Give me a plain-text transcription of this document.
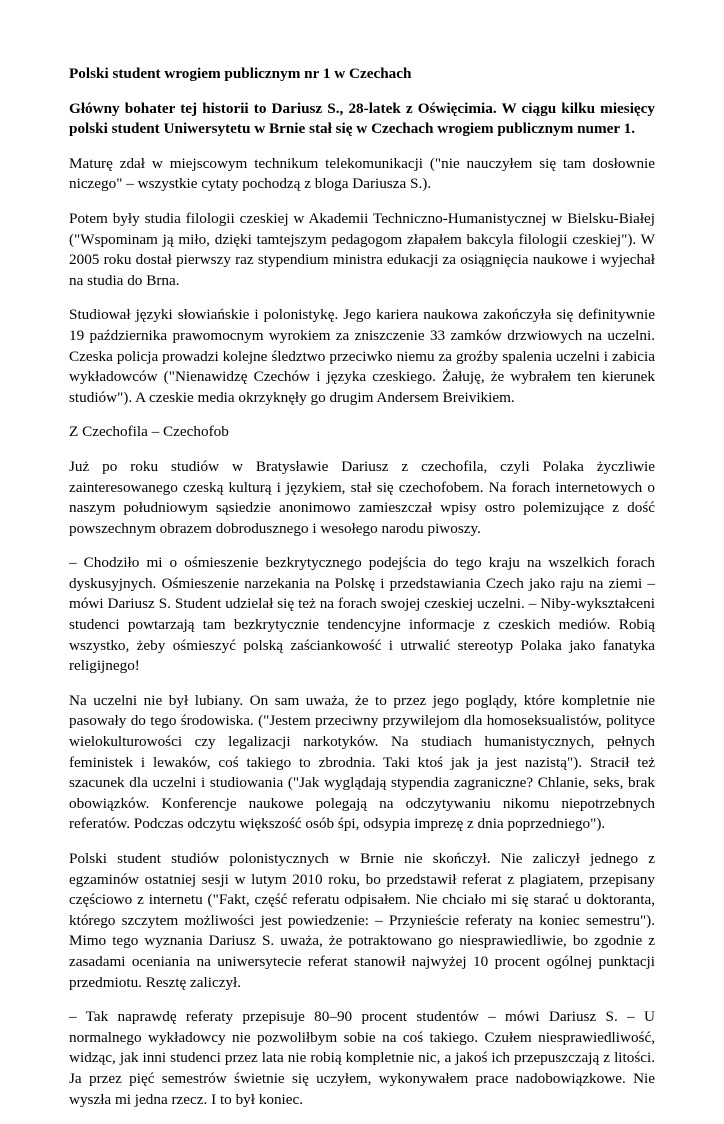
Polski student wrogiem publicznym nr 1 w Czechach

Główny bohater tej historii to Dariusz S., 28-latek z Oświęcimia. W ciągu kilku miesięcy polski student Uniwersytetu w Brnie stał się w Czechach wrogiem publicznym numer 1.

Maturę zdał w miejscowym technikum telekomunikacji ("nie nauczyłem się tam dosłownie niczego" – wszystkie cytaty pochodzą z bloga Dariusza S.).

Potem były studia filologii czeskiej w Akademii Techniczno-Humanistycznej w Bielsku-Białej ("Wspominam ją miło, dzięki tamtejszym pedagogom złapałem bakcyla filologii czeskiej"). W 2005 roku dostał pierwszy raz stypendium ministra edukacji za osiągnięcia naukowe i wyjechał na studia do Brna.

Studiował języki słowiańskie i polonistykę. Jego kariera naukowa zakończyła się definitywnie 19 października prawomocnym wyrokiem za zniszczenie 33 zamków drzwiowych na uczelni. Czeska policja prowadzi kolejne śledztwo przeciwko niemu za groźby spalenia uczelni i zabicia wykładowców ("Nienawidzę Czechów i języka czeskiego. Żałuję, że wybrałem ten kierunek studiów"). A czeskie media okrzyknęły go drugim Andersem Breivikiem.

Z Czechofila – Czechofob

Już po roku studiów w Bratysławie Dariusz z czechofila, czyli Polaka życzliwie zainteresowanego czeską kulturą i językiem, stał się czechofobem. Na forach internetowych o naszym południowym sąsiedzie anonimowo zamieszczał wpisy ostro polemizujące z dość powszechnym obrazem dobrodusznego i wesołego narodu piwoszy.

– Chodziło mi o ośmieszenie bezkrytycznego podejścia do tego kraju na wszelkich forach dyskusyjnych. Ośmieszenie narzekania na Polskę i przedstawiania Czech jako raju na ziemi – mówi Dariusz S. Student udzielał się też na forach swojej czeskiej uczelni. – Niby-wykształceni studenci powtarzają tam bezkrytycznie tendencyjne informacje z czeskich mediów. Robią wszystko, żeby ośmieszyć polską zaściankowość i utrwalić stereotyp Polaka jako fanatyka religijnego!

Na uczelni nie był lubiany. On sam uważa, że to przez jego poglądy, które kompletnie nie pasowały do tego środowiska. ("Jestem przeciwny przywilejom dla homoseksualistów, polityce wielokulturowości czy legalizacji narkotyków. Na studiach humanistycznych, pełnych feministek i lewaków, coś takiego to zbrodnia. Taki ktoś jak ja jest nazistą"). Stracił też szacunek dla uczelni i studiowania ("Jak wyglądają stypendia zagraniczne? Chlanie, seks, brak obowiązków. Konferencje naukowe polegają na odczytywaniu nikomu niepotrzebnych referatów. Podczas odczytu większość osób śpi, odsypia imprezę z dnia poprzedniego").

Polski student studiów polonistycznych w Brnie nie skończył. Nie zaliczył jednego z egzaminów ostatniej sesji w lutym 2010 roku, bo przedstawił referat z plagiatem, przepisany częściowo z internetu ("Fakt, część referatu odpisałem. Nie chciało mi się starać u doktoranta, którego szczytem możliwości jest powiedzenie: – Przynieście referaty na koniec semestru"). Mimo tego wyznania Dariusz S. uważa, że potraktowano go niesprawiedliwie, bo zgodnie z zasadami oceniania na uniwersytecie referat stanowił najwyżej 10 procent ogólnej punktacji przedmiotu. Resztę zaliczył.

– Tak naprawdę referaty przepisuje 80–90 procent studentów – mówi Dariusz S. – U normalnego wykładowcy nie pozwoliłbym sobie na coś takiego. Czułem niesprawiedliwość, widząc, jak inni studenci przez lata nie robią kompletnie nic, a jakoś ich przepuszczają z litości. Ja przez pięć semestrów świetnie się uczyłem, wykonywałem prace nadobowiązkowe. Nie wyszła mi jedna rzecz. I to był koniec.
